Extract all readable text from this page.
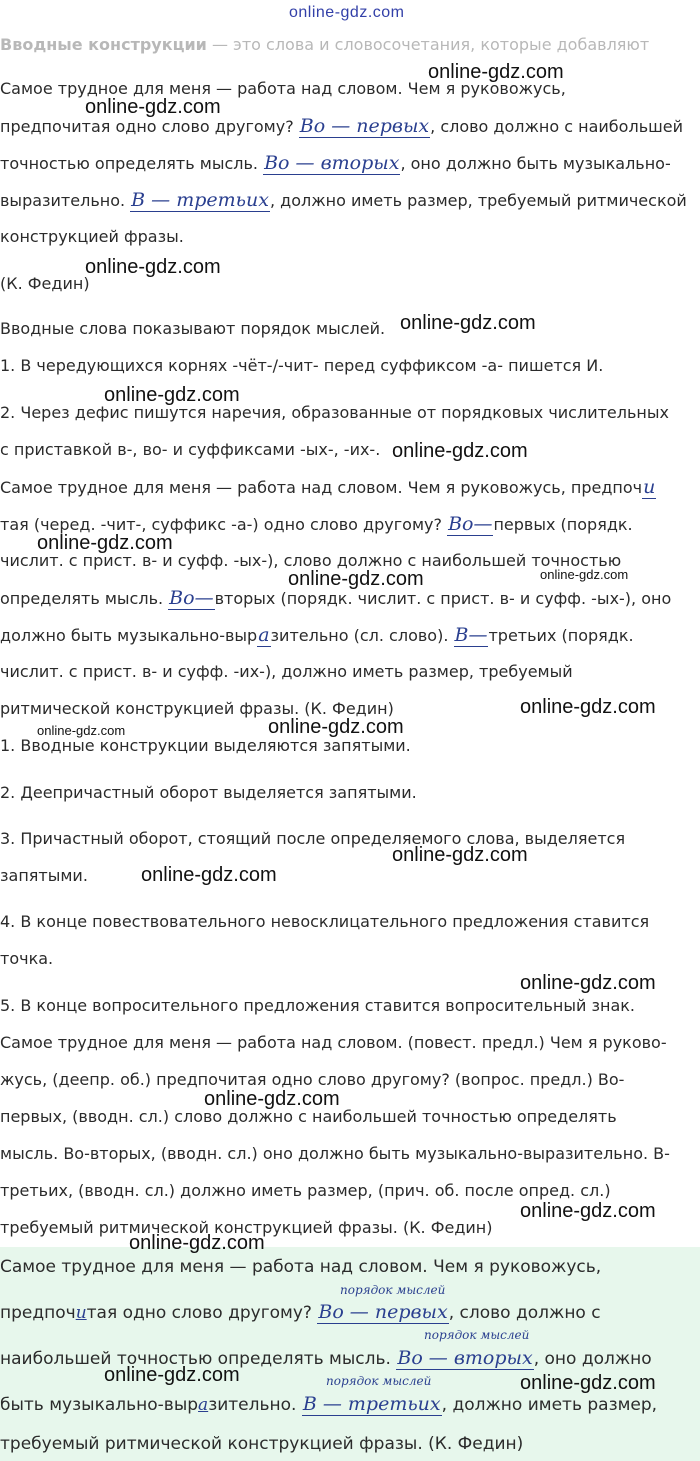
online-gdz.com
Вводные конструкции — это слова и словосочетания, которые добавляют
Самое трудное для меня — работа над словом. Чем я руковожусь,
предпочитая одно слово другому? Во — первых, слово должно с наибольшей
точностью определять мысль. Во — вторых, оно должно быть музыкально-
выразительно. В — третьих, должно иметь размер, требуемый ритмической
конструкцией фразы.
(К. Федин)
Вводные слова показывают порядок мыслей.
1. В чередующихся корнях -чёт-/-чит- перед суффиксом -а- пишется И.
2. Через дефис пишутся наречия, образованные от порядковых числительных
с приставкой в-, во- и суффиксами -ых-, -их-.
Самое трудное для меня — работа над словом. Чем я руковожусь, предпочи
тая (черед. -чит-, суффикс -а-) одно слово другому? Во—первых (порядк.
числит. с прист. в- и суфф. -ых-), слово должно с наибольшей точностью
определять мысль. Во—вторых (порядк. числит. с прист. в- и суфф. -ых-), оно
должно быть музыкально-выразительно (сл. слово). В—третьих (порядк.
числит. с прист. в- и суфф. -их-), должно иметь размер, требуемый
ритмической конструкцией фразы. (К. Федин)
1. Вводные конструкции выделяются запятыми.
2. Деепричастный оборот выделяется запятыми.
3. Причастный оборот, стоящий после определяемого слова, выделяется
запятыми.
4. В конце повествовательного невосклицательного предложения ставится
точка.
5. В конце вопросительного предложения ставится вопросительный знак.
Самое трудное для меня — работа над словом. (повест. предл.) Чем я руково-
жусь, (деепр. об.) предпочитая одно слово другому? (вопрос. предл.) Во-
первых, (вводн. сл.) слово должно с наибольшей точностью определять
мысль. Во-вторых, (вводн. сл.) оно должно быть музыкально-выразительно. В-
третьих, (вводн. сл.) должно иметь размер, (прич. об. после опред. сл.)
требуемый ритмической конструкцией фразы. (К. Федин)
Самое трудное для меня — работа над словом. Чем я руковожусь,
порядок мыслей
предпочитая одно слово другому? Во — первых, слово должно с
порядок мыслей
наибольшей точностью определять мысль. Во — вторых, оно должно
порядок мыслей
быть музыкально-выразительно. В — третьих, должно иметь размер,
требуемый ритмической конструкцией фразы. (К. Федин)
online-gdz.com
online-gdz.com
online-gdz.com
online-gdz.com
online-gdz.com
online-gdz.com
online-gdz.com
online-gdz.com	online-gdz.com
online-gdz.com
online-gdz.com	online-gdz.com
online-gdz.com
online-gdz.com
online-gdz.com
online-gdz.com
online-gdz.com
online-gdz.com
online-gdz.com	online-gdz.com
